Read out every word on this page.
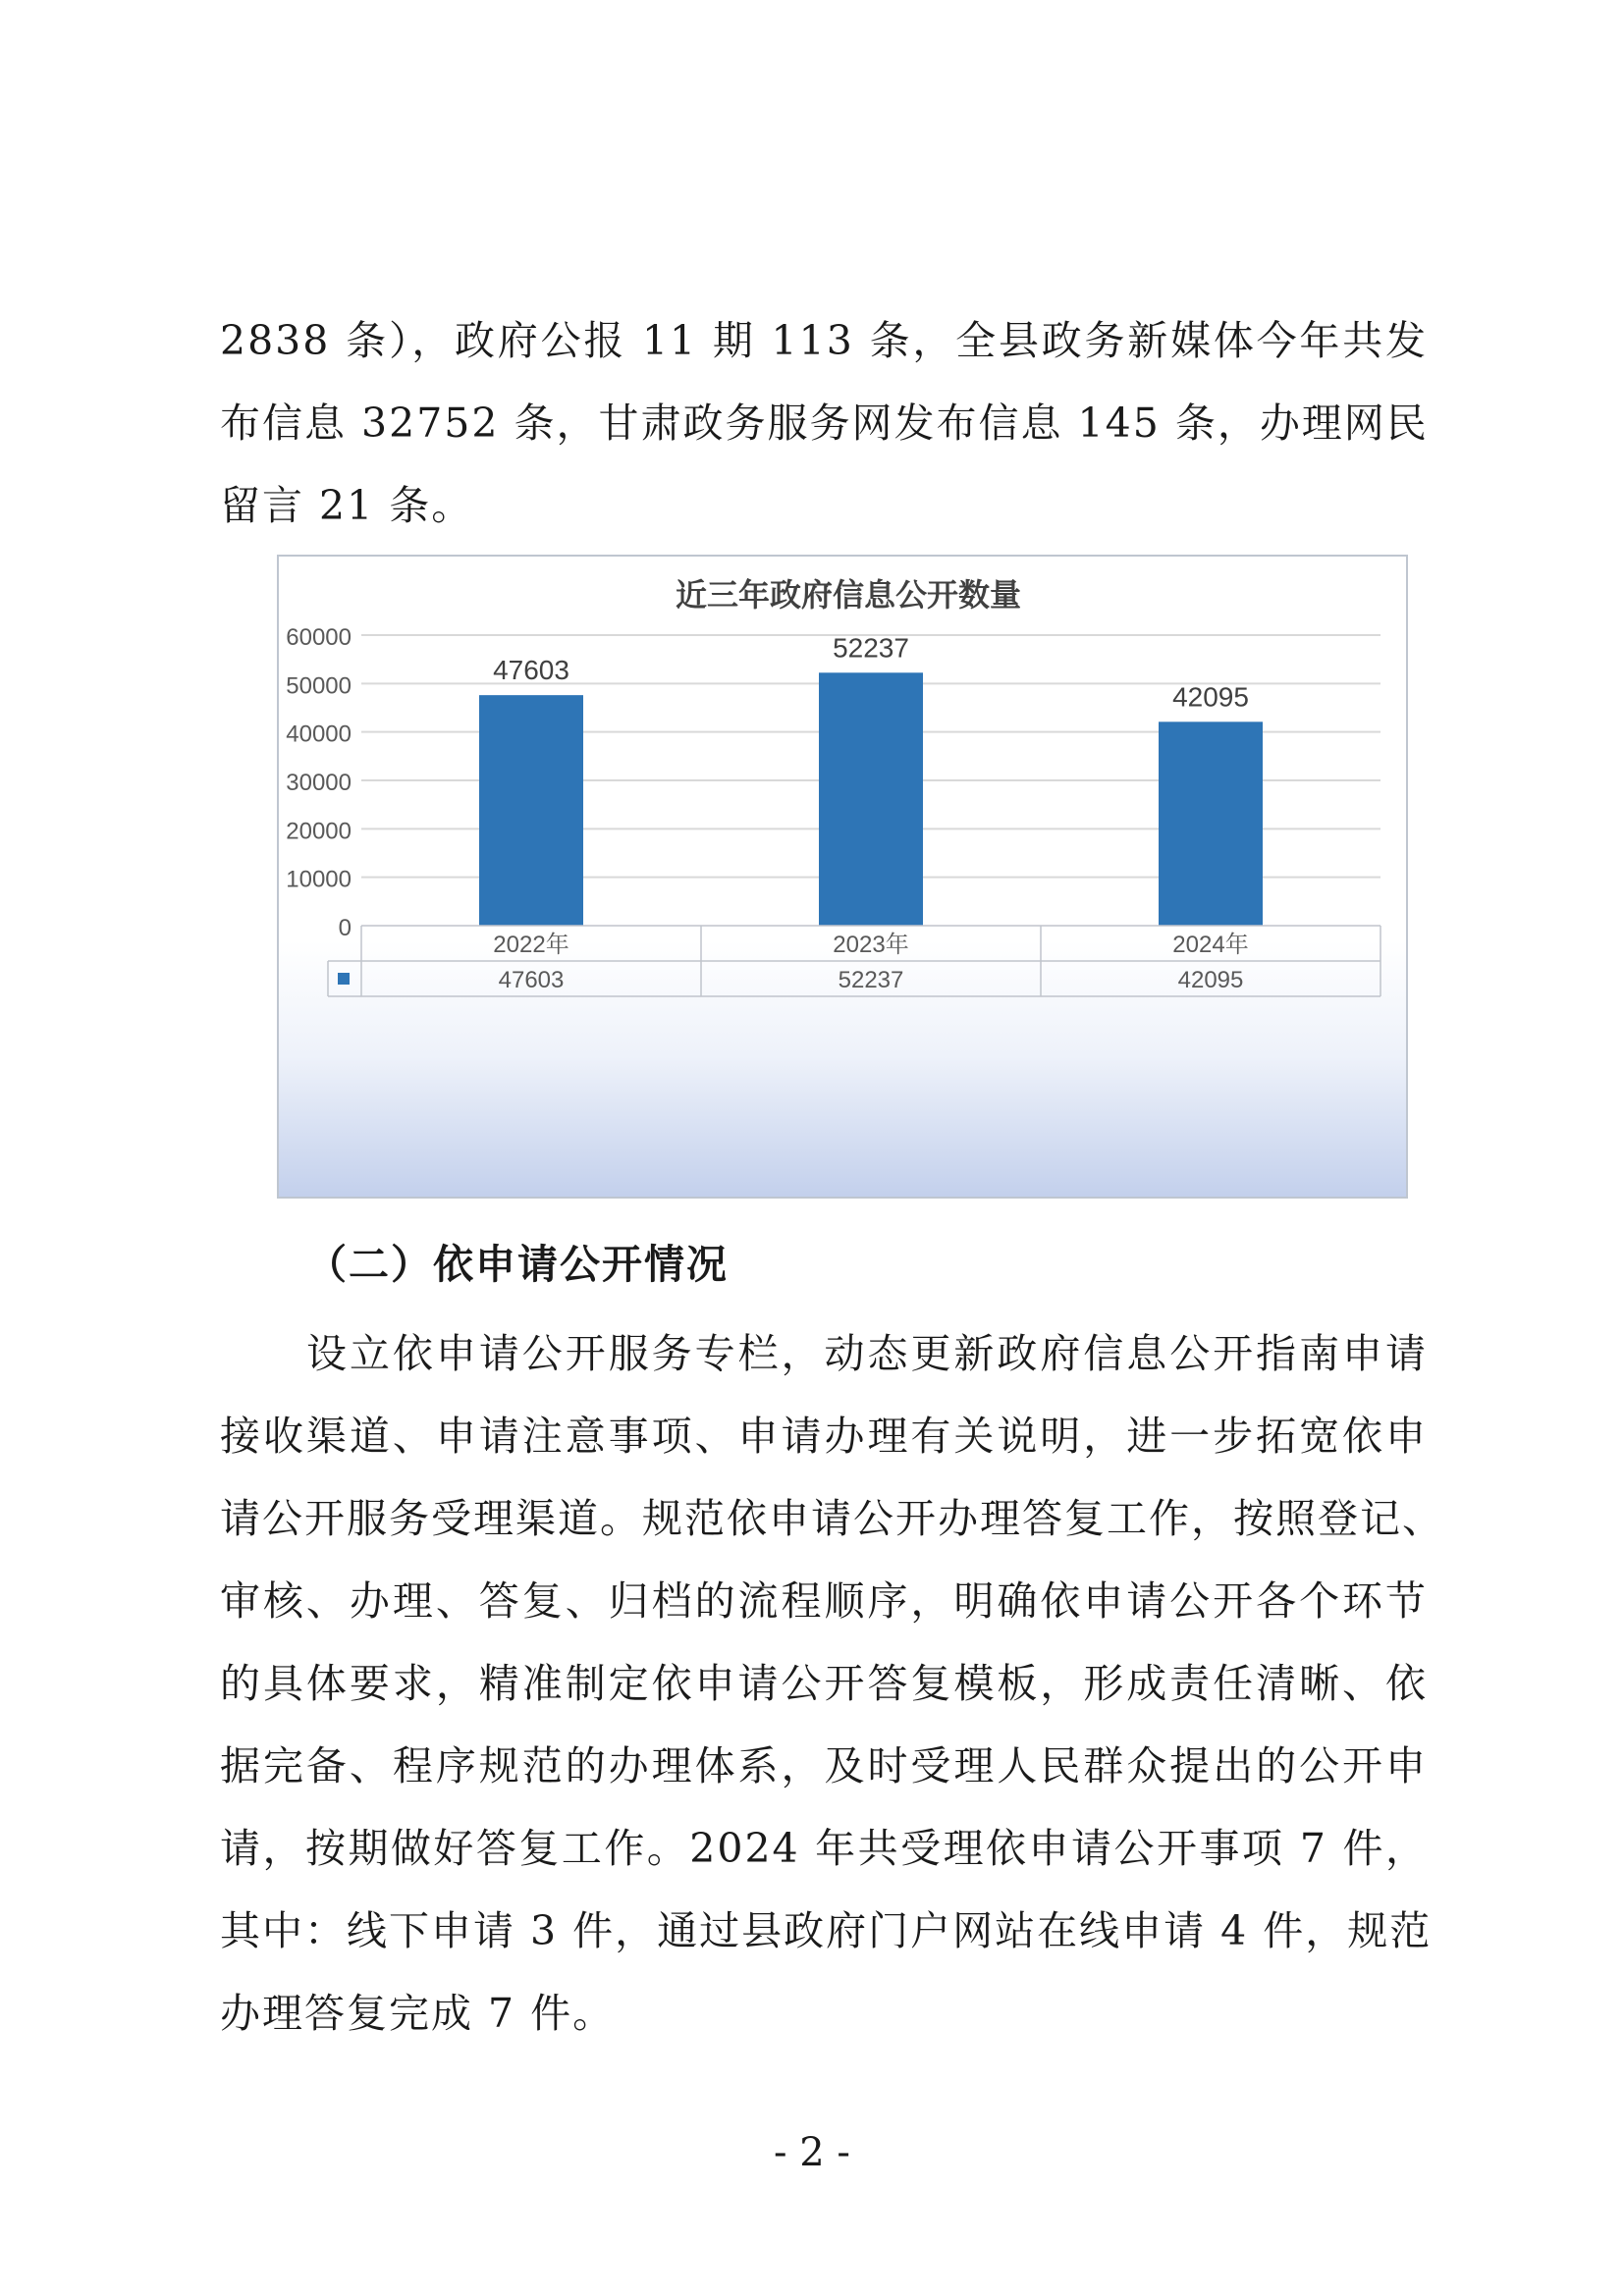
2838 条），政府公报 11 期 113 条，全县政务新媒体今年共发
布信息 32752 条，甘肃政务服务网发布信息 145 条，办理网民
留言 21 条。

近三年政府信息公开数量
0
10000
20000
30000
40000
50000
60000
47603
52237
42095
2022年
47603
2023年
52237
2024年
42095
（二）依申请公开情况

设立依申请公开服务专栏，动态更新政府信息公开指南申请
接收渠道、申请注意事项、申请办理有关说明，进一步拓宽依申
请公开服务受理渠道。规范依申请公开办理答复工作，按照登记、
审核、办理、答复、归档的流程顺序，明确依申请公开各个环节
的具体要求，精准制定依申请公开答复模板，形成责任清晰、依
据完备、程序规范的办理体系，及时受理人民群众提出的公开申
请，按期做好答复工作。2024 年共受理依申请公开事项 7 件，
其中：线下申请 3 件，通过县政府门户网站在线申请 4 件，规范
办理答复完成 7 件。

- 2 -
